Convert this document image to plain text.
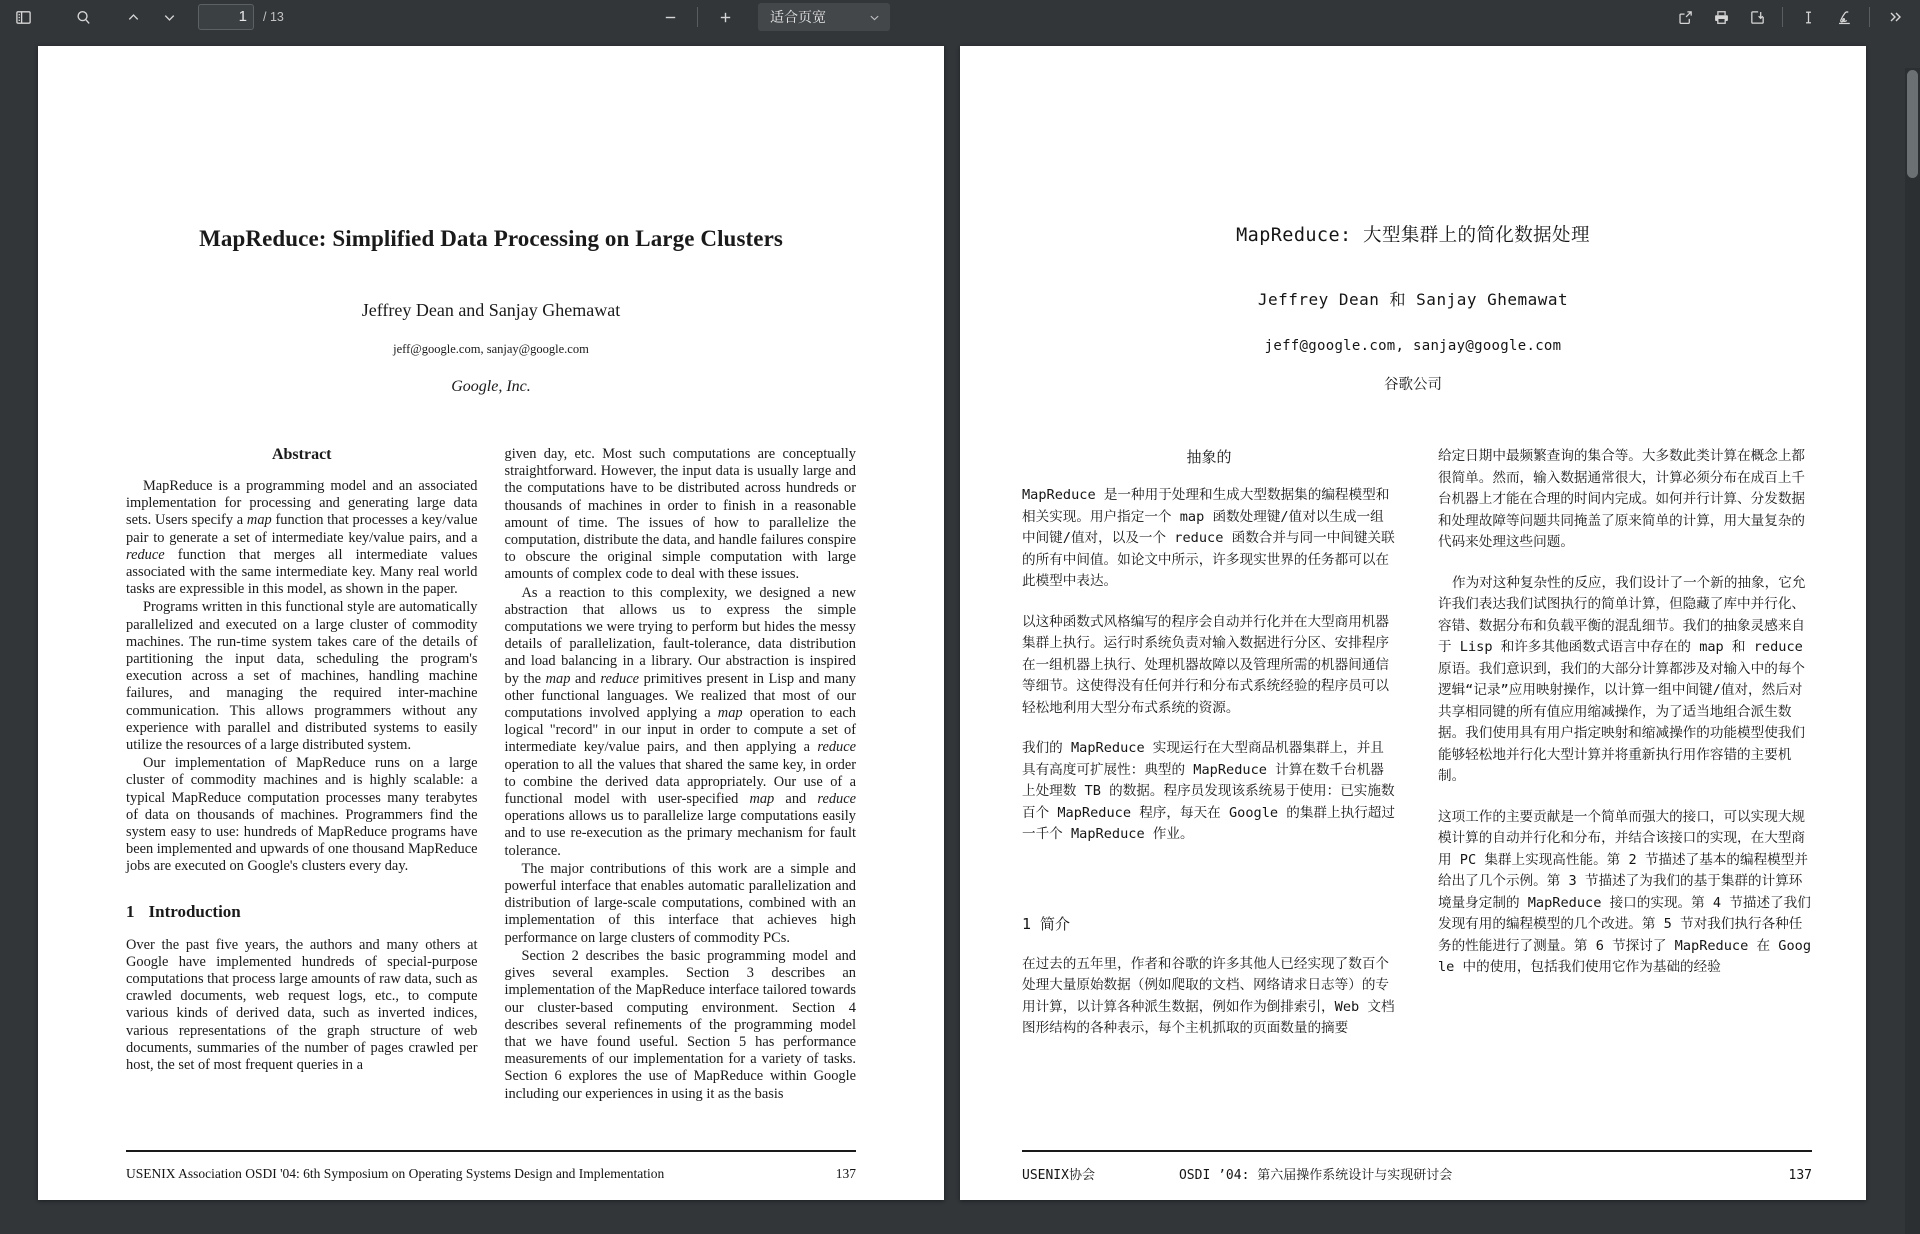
1	/ 13	适合页宽
MapReduce: Simplified Data Processing on Large Clusters
Jeffrey Dean and Sanjay Ghemawat
jeff@google.com, sanjay@google.com
Google, Inc.
Abstract

MapReduce is a programming model and an associated implementation for processing and generating large data sets. Users specify a map function that processes a key/value pair to generate a set of intermediate key/value pairs, and a reduce function that merges all intermediate values associated with the same intermediate key. Many real world tasks are expressible in this model, as shown in the paper.

Programs written in this functional style are automatically parallelized and executed on a large cluster of commodity machines. The run-time system takes care of the details of partitioning the input data, scheduling the program's execution across a set of machines, handling machine failures, and managing the required inter-machine communication. This allows programmers without any experience with parallel and distributed systems to easily utilize the resources of a large distributed system.

Our implementation of MapReduce runs on a large cluster of commodity machines and is highly scalable: a typical MapReduce computation processes many terabytes of data on thousands of machines. Programmers find the system easy to use: hundreds of MapReduce programs have been implemented and upwards of one thousand MapReduce jobs are executed on Google's clusters every day.

1 Introduction

Over the past five years, the authors and many others at Google have implemented hundreds of special-purpose computations that process large amounts of raw data, such as crawled documents, web request logs, etc., to compute various kinds of derived data, such as inverted indices, various representations of the graph structure of web documents, summaries of the number of pages crawled per host, the set of most frequent queries in a

given day, etc. Most such computations are conceptually straightforward. However, the input data is usually large and the computations have to be distributed across hundreds or thousands of machines in order to finish in a reasonable amount of time. The issues of how to parallelize the computation, distribute the data, and handle failures conspire to obscure the original simple computation with large amounts of complex code to deal with these issues.

As a reaction to this complexity, we designed a new abstraction that allows us to express the simple computations we were trying to perform but hides the messy details of parallelization, fault-tolerance, data distribution and load balancing in a library. Our abstraction is inspired by the map and reduce primitives present in Lisp and many other functional languages. We realized that most of our computations involved applying a map operation to each logical "record" in our input in order to compute a set of intermediate key/value pairs, and then applying a reduce operation to all the values that shared the same key, in order to combine the derived data appropriately. Our use of a functional model with user-specified map and reduce operations allows us to parallelize large computations easily and to use re-execution as the primary mechanism for fault tolerance.

The major contributions of this work are a simple and powerful interface that enables automatic parallelization and distribution of large-scale computations, combined with an implementation of this interface that achieves high performance on large clusters of commodity PCs.

Section 2 describes the basic programming model and gives several examples. Section 3 describes an implementation of the MapReduce interface tailored towards our cluster-based computing environment. Section 4 describes several refinements of the programming model that we have found useful. Section 5 has performance measurements of our implementation for a variety of tasks. Section 6 explores the use of MapReduce within Google including our experiences in using it as the basis

USENIX Association OSDI '04: 6th Symposium on Operating Systems Design and Implementation	137
MapReduce: 大型集群上的简化数据处理
Jeffrey Dean 和 Sanjay Ghemawat
jeff@google.com, sanjay@google.com
谷歌公司
抽象的

MapReduce 是一种用于处理和生成大型数据集的编程模型和相关实现。用户指定一个 map 函数处理键/值对以生成一组中间键/值对，以及一个 reduce 函数合并与同一中间键关联的所有中间值。如论文中所示，许多现实世界的任务都可以在此模型中表达。

以这种函数式风格编写的程序会自动并行化并在大型商用机器集群上执行。运行时系统负责对输入数据进行分区、安排程序在一组机器上执行、处理机器故障以及管理所需的机器间通信等细节。这使得没有任何并行和分布式系统经验的程序员可以轻松地利用大型分布式系统的资源。

我们的 MapReduce 实现运行在大型商品机器集群上，并且具有高度可扩展性：典型的 MapReduce 计算在数千台机器上处理数 TB 的数据。程序员发现该系统易于使用：已实施数百个 MapReduce 程序，每天在 Google 的集群上执行超过一千个 MapReduce 作业。

1 简介

在过去的五年里，作者和谷歌的许多其他人已经实现了数百个处理大量原始数据（例如爬取的文档、网络请求日志等）的专用计算，以计算各种派生数据，例如作为倒排索引，Web 文档图形结构的各种表示，每个主机抓取的页面数量的摘要

给定日期中最频繁查询的集合等。大多数此类计算在概念上都很简单。然而，输入数据通常很大，计算必须分布在成百上千台机器上才能在合理的时间内完成。如何并行计算、分发数据和处理故障等问题共同掩盖了原来简单的计算，用大量复杂的代码来处理这些问题。

作为对这种复杂性的反应，我们设计了一个新的抽象，它允许我们表达我们试图执行的简单计算，但隐藏了库中并行化、容错、数据分布和负载平衡的混乱细节。我们的抽象灵感来自于 Lisp 和许多其他函数式语言中存在的 map 和 reduce 原语。我们意识到，我们的大部分计算都涉及对输入中的每个逻辑“记录”应用映射操作，以计算一组中间键/值对，然后对共享相同键的所有值应用缩减操作，为了适当地组合派生数据。我们使用具有用户指定映射和缩减操作的功能模型使我们能够轻松地并行化大型计算并将重新执行用作容错的主要机制。

这项工作的主要贡献是一个简单而强大的接口，可以实现大规模计算的自动并行化和分布，并结合该接口的实现，在大型商用 PC 集群上实现高性能。第 2 节描述了基本的编程模型并给出了几个示例。第 3 节描述了为我们的基于集群的计算环境量身定制的 MapReduce 接口的实现。第 4 节描述了我们发现有用的编程模型的几个改进。第 5 节对我们执行各种任务的性能进行了测量。第 6 节探讨了 MapReduce 在 Google 中的使用，包括我们使用它作为基础的经验

USENIX协会	OSDI ’04: 第六届操作系统设计与实现研讨会	137
